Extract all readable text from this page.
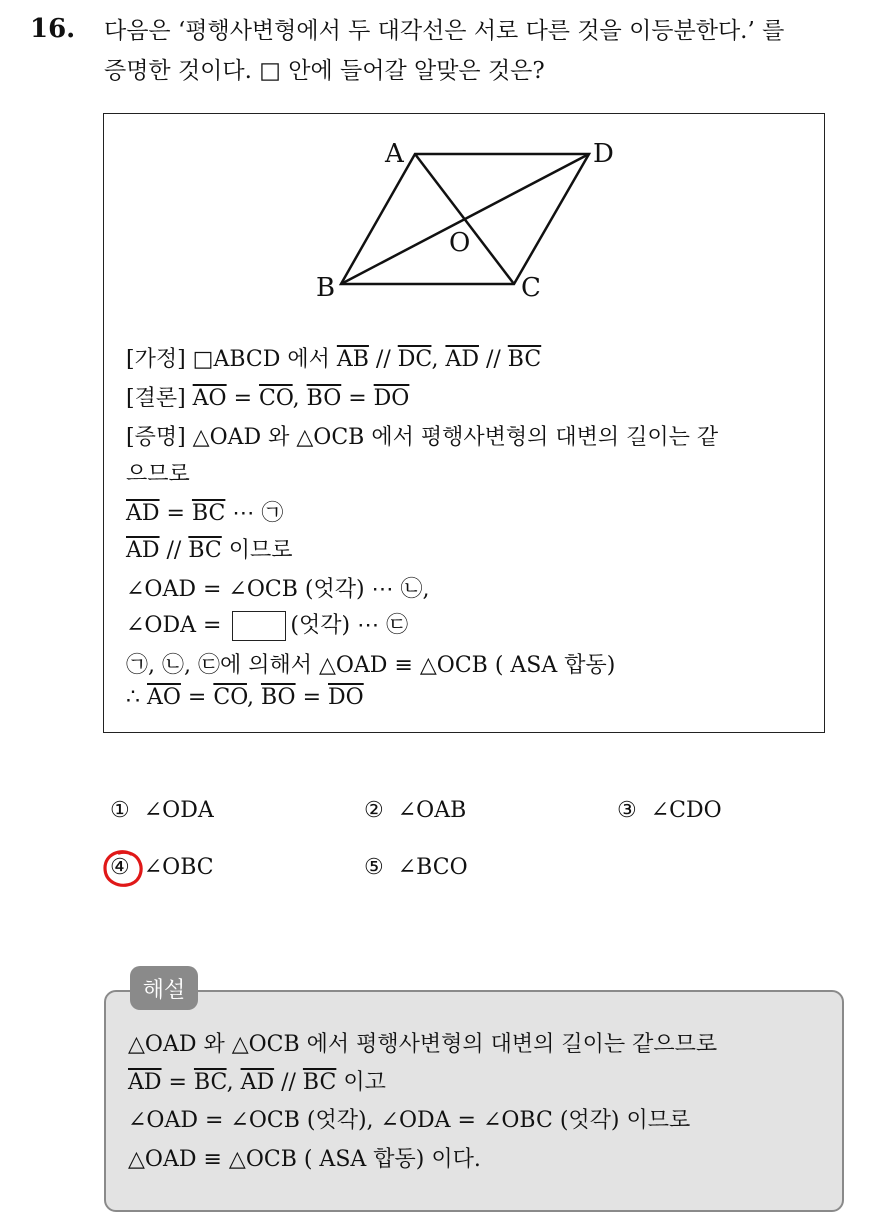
16. 다음은 ‘평행사변형에서 두 대각선은 서로 다른 것을 이등분한다.’ 를
증명한 것이다. □ 안에 들어갈 알맞은 것은?
A	D
B	C
O
[가정] □ABCD 에서 $\overline{AB} // \overline{DC}$, $\overline{AD} // \overline{BC}$
[결론] $\overline{AO} = \overline{CO}$, $\overline{BO} = \overline{DO}$
[증명] △OAD 와 △OCB 에서 평행사변형의 대변의 길이는 같
으므로
$\overline{AD} = \overline{BC}$ ⋯ ㉠
$\overline{AD} // \overline{BC}$ 이므로
∠OAD = ∠OCB (엇각) ⋯ ㉡,
∠ODA =	(엇각) ⋯ ㉢
㉠, ㉡, ㉢에 의해서 △OAD ≡ △OCB ( ASA 합동)
∴ $\overline{AO} = \overline{CO}$, $\overline{BO} = \overline{DO}$
① ∠ODA	② ∠OAB	③ ∠CDO
④ ∠OBC	⑤ ∠BCO
△OAD 와 △OCB 에서 평행사변형의 대변의 길이는 같으므로
$\overline{AD} = \overline{BC}$, $\overline{AD} // \overline{BC}$ 이고
∠OAD = ∠OCB (엇각), ∠ODA = ∠OBC (엇각) 이므로
△OAD ≡ △OCB ( ASA 합동) 이다.
해설
